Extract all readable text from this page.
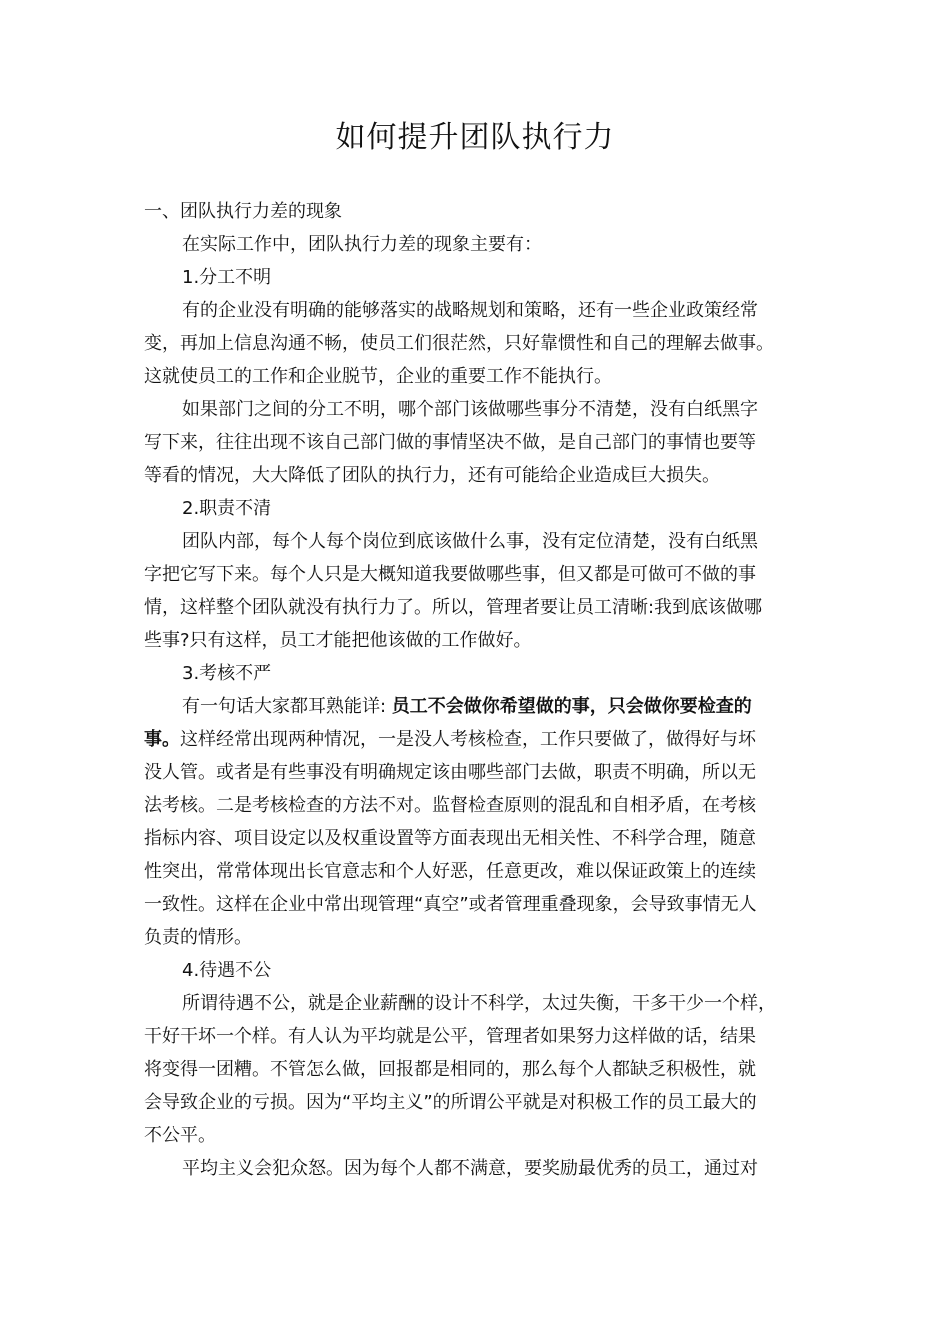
如何提升团队执行力
一、团队执行力差的现象
在实际工作中，团队执行力差的现象主要有：
1.分工不明
有的企业没有明确的能够落实的战略规划和策略，还有一些企业政策经常
变，再加上信息沟通不畅，使员工们很茫然，只好靠惯性和自己的理解去做事。
这就使员工的工作和企业脱节，企业的重要工作不能执行。
如果部门之间的分工不明，哪个部门该做哪些事分不清楚，没有白纸黑字
写下来，往往出现不该自己部门做的事情坚决不做，是自己部门的事情也要等
等看的情况，大大降低了团队的执行力，还有可能给企业造成巨大损失。
2.职责不清
团队内部，每个人每个岗位到底该做什么事，没有定位清楚，没有白纸黑
字把它写下来。每个人只是大概知道我要做哪些事，但又都是可做可不做的事
情，这样整个团队就没有执行力了。所以，管理者要让员工清晰:我到底该做哪
些事?只有这样，员工才能把他该做的工作做好。
3.考核不严
有一句话大家都耳熟能详: 员工不会做你希望做的事，只会做你要检查的
事。这样经常出现两种情况，一是没人考核检查，工作只要做了，做得好与坏
没人管。或者是有些事没有明确规定该由哪些部门去做，职责不明确，所以无
法考核。二是考核检查的方法不对。监督检查原则的混乱和自相矛盾，在考核
指标内容、项目设定以及权重设置等方面表现出无相关性、不科学合理，随意
性突出，常常体现出长官意志和个人好恶，任意更改，难以保证政策上的连续
一致性。这样在企业中常出现管理“真空”或者管理重叠现象，会导致事情无人
负责的情形。
4.待遇不公
所谓待遇不公，就是企业薪酬的设计不科学，太过失衡，干多干少一个样，
干好干坏一个样。有人认为平均就是公平，管理者如果努力这样做的话，结果
将变得一团糟。不管怎么做，回报都是相同的，那么每个人都缺乏积极性，就
会导致企业的亏损。因为“平均主义”的所谓公平就是对积极工作的员工最大的
不公平。
平均主义会犯众怒。因为每个人都不满意，要奖励最优秀的员工，通过对
